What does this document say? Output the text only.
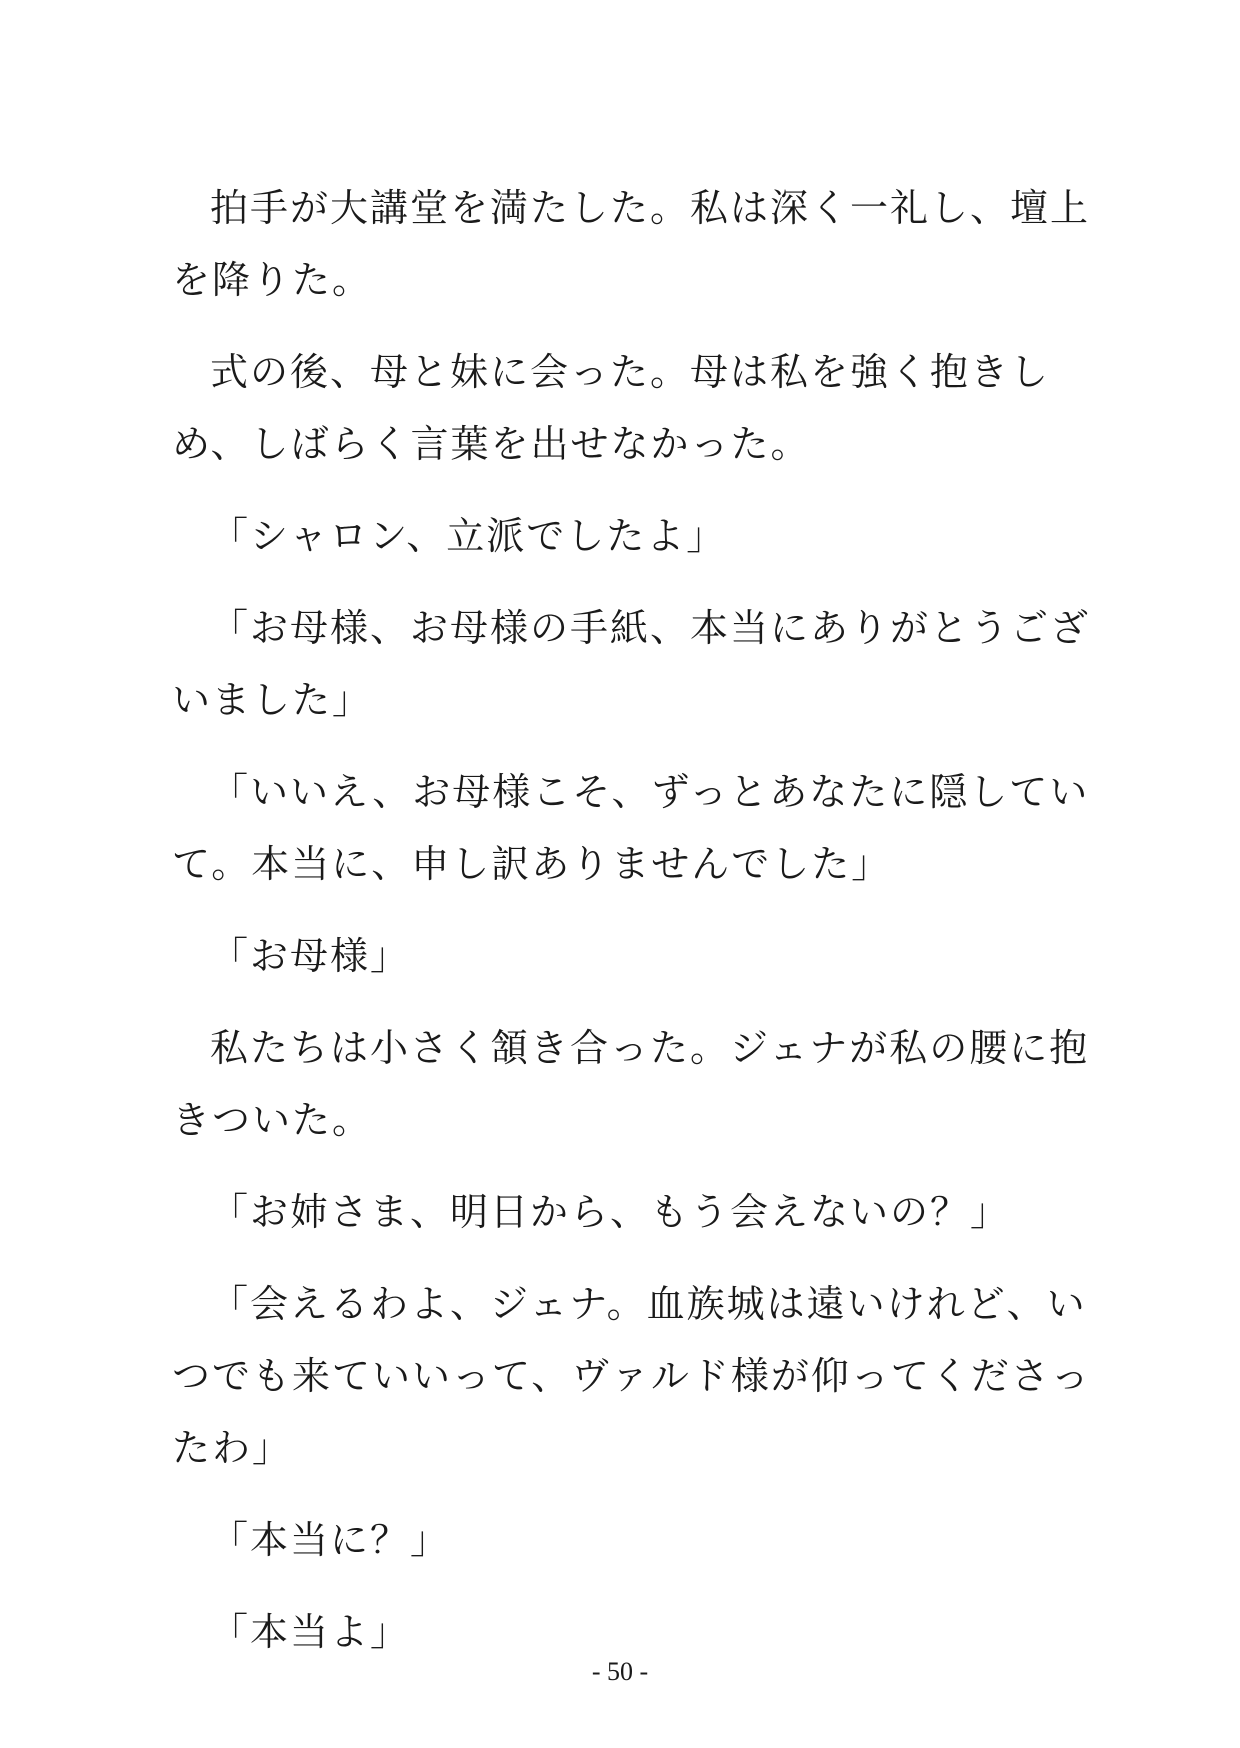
拍手が大講堂を満たした。私は深く一礼し、壇上
を降りた。

式の後、母と妹に会った。母は私を強く抱きし
め、しばらく言葉を出せなかった。

「シャロン、立派でしたよ」

「お母様、お母様の手紙、本当にありがとうござ
いました」

「いいえ、お母様こそ、ずっとあなたに隠してい
て。本当に、申し訳ありませんでした」

「お母様」

私たちは小さく頷き合った。ジェナが私の腰に抱
きついた。

「お姉さま、明日から、もう会えないの？」

「会えるわよ、ジェナ。血族城は遠いけれど、い
つでも来ていいって、ヴァルド様が仰ってくださっ
たわ」

「本当に？」

「本当よ」

- 50 -
